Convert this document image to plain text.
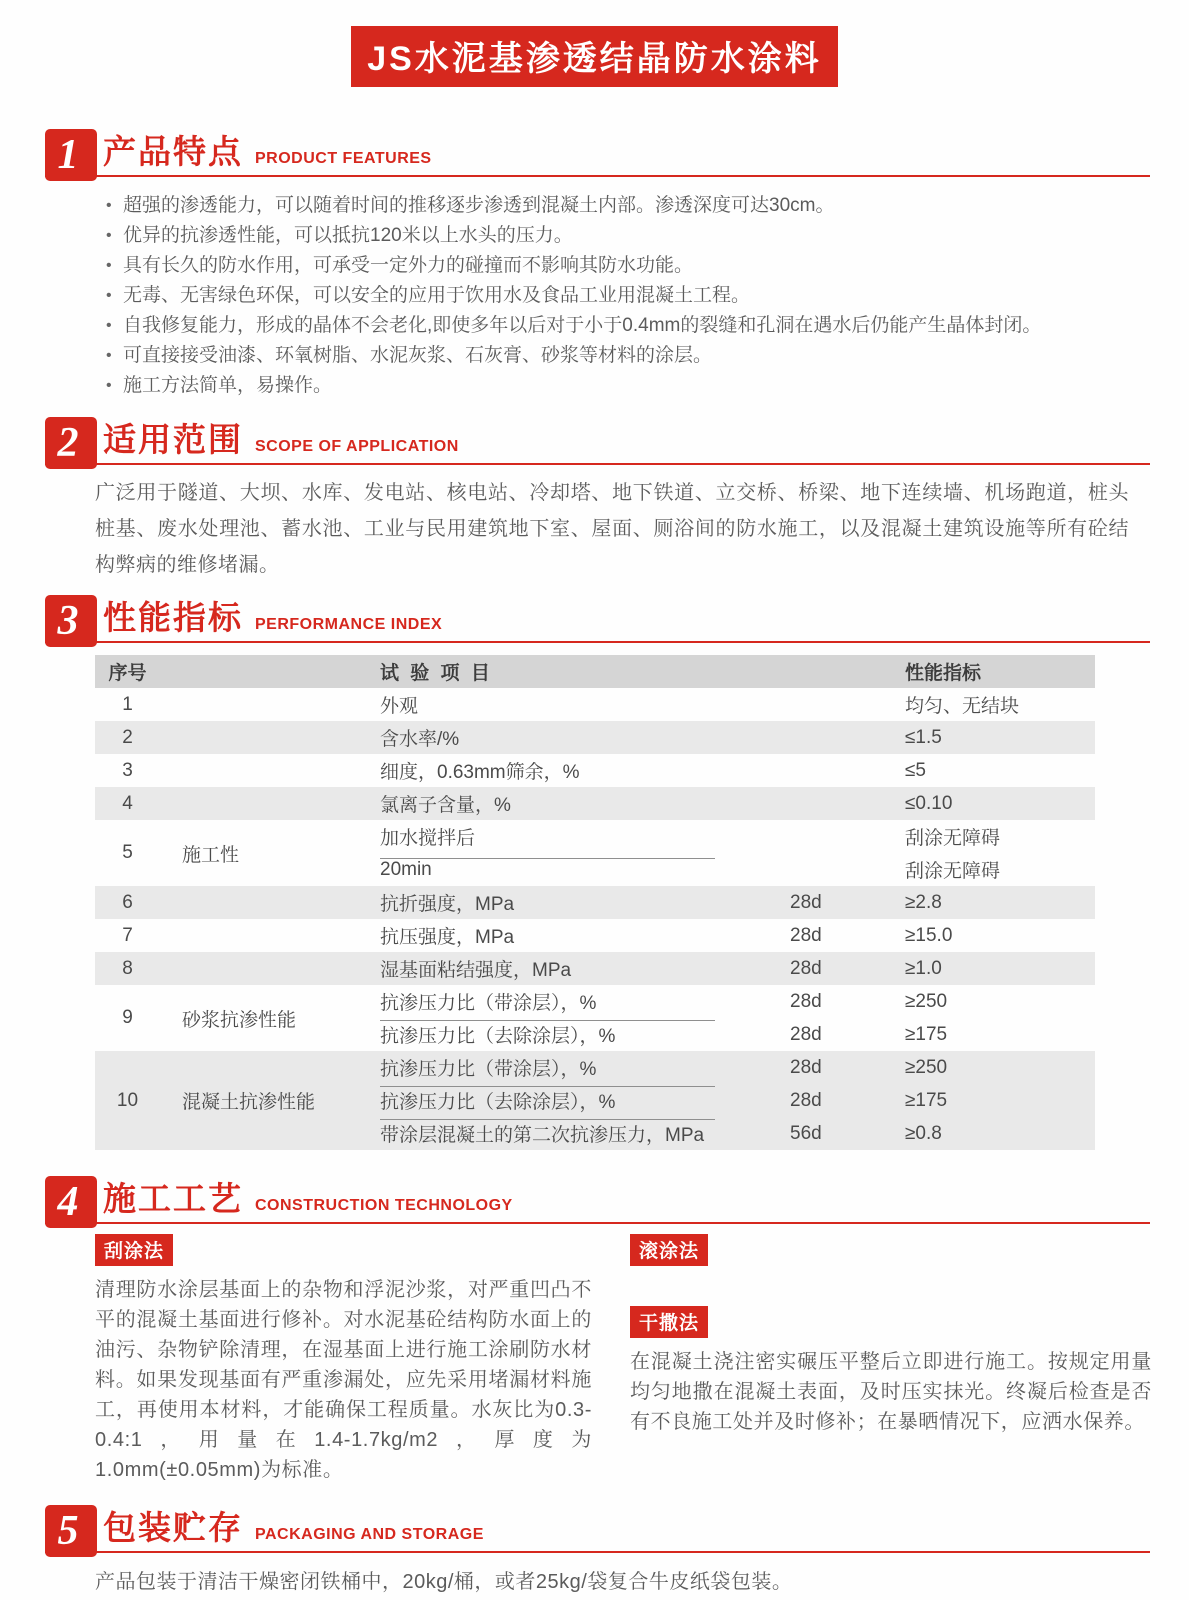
JS水泥基渗透结晶防水涂料
1 产品特点 PRODUCT FEATURES
• 超强的渗透能力，可以随着时间的推移逐步渗透到混凝土内部。渗透深度可达30cm。
• 优异的抗渗透性能，可以抵抗120米以上水头的压力。
• 具有长久的防水作用，可承受一定外力的碰撞而不影响其防水功能。
• 无毒、无害绿色环保，可以安全的应用于饮用水及食品工业用混凝土工程。
• 自我修复能力，形成的晶体不会老化,即使多年以后对于小于0.4mm的裂缝和孔洞在遇水后仍能产生晶体封闭。
• 可直接接受油漆、环氧树脂、水泥灰浆、石灰膏、砂浆等材料的涂层。
• 施工方法简单，易操作。
2 适用范围 SCOPE OF APPLICATION

广泛用于隧道、大坝、水库、发电站、核电站、冷却塔、地下铁道、立交桥、桥梁、地下连续墙、机场跑道，桩头桩基、废水处理池、蓄水池、工业与民用建筑地下室、屋面、厕浴间的防水施工，以及混凝土建筑设施等所有砼结构弊病的维修堵漏。

3 性能指标 PERFORMANCE INDEX
序号	试 验 项 目	性能指标
1	外观	均匀、无结块
2	含水率/%	≤1.5
3	细度，0.63mm筛余，%	≤5
4	氯离子含量，%	≤0.10
5	施工性
加水搅拌后	刮涂无障碍
20min	刮涂无障碍
6	抗折强度，MPa	28d	≥2.8
7	抗压强度，MPa	28d	≥15.0
8	湿基面粘结强度，MPa	28d	≥1.0
9	砂浆抗渗性能
抗渗压力比（带涂层），%	28d	≥250
抗渗压力比（去除涂层），%	28d	≥175
10	混凝土抗渗性能
抗渗压力比（带涂层），%	28d	≥250
抗渗压力比（去除涂层），%	28d	≥175
带涂层混凝土的第二次抗渗压力，MPa	56d	≥0.8
4 施工工艺 CONSTRUCTION TECHNOLOGY
刮涂法
清理防水涂层基面上的杂物和浮泥沙浆，对严重凹凸不平的混凝土基面进行修补。对水泥基砼结构防水面上的油污、杂物铲除清理，在湿基面上进行施工涂刷防水材料。如果发现基面有严重渗漏处，应先采用堵漏材料施工，再使用本材料，才能确保工程质量。水灰比为0.3-0.4:1，用量在1.4-1.7kg/m2，厚度为1.0mm(±0.05mm)为标准。
滚涂法
干撒法
在混凝土浇注密实碾压平整后立即进行施工。按规定用量均匀地撒在混凝土表面，及时压实抹光。终凝后检查是否有不良施工处并及时修补；在暴晒情况下，应洒水保养。
5 包装贮存 PACKAGING AND STORAGE

产品包装于清洁干燥密闭铁桶中，20kg/桶，或者25kg/袋复合牛皮纸袋包装。
